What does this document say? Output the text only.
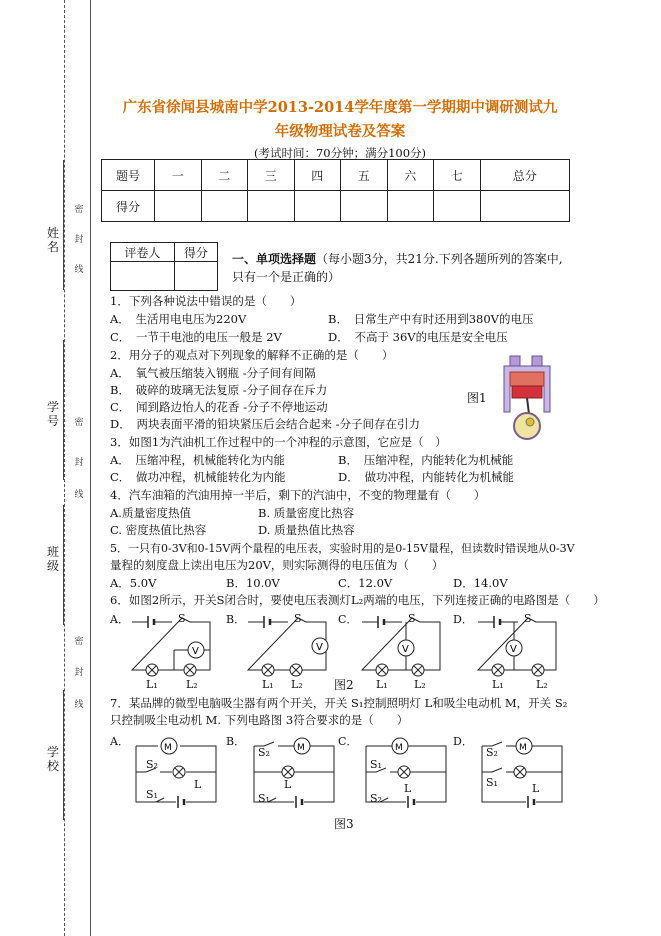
姓名
学号
班级
学校
密
封
线
密
封
线
密
封
线
广东省徐闻县城南中学2013-2014学年度第一学期期中调研测试九
年级物理试卷及答案
(考试时间：70分钟；满分100分)
题号	一	二	三	四	五	六	七	总分
得分								
评卷人	得分
	一、单项选择题（每小题3分，共21分.下列各题所列的答案中,
只有一个是正确的）
1．下列各种说法中错误的是（　　）
A．　生活用电电压为220V	B．　日常生产中有时还用到380V的电压
C．　一节干电池的电压一般是 2V	D．　不高于 36V的电压是安全电压
2．用分子的观点对下列现象的解释不正确的是（　　）
A．　氧气被压缩装入钢瓶 -分子间有间隔
B．　破碎的玻璃无法复原 -分子间存在斥力
C．　闻到路边怡人的花香 -分子不停地运动
D．　两块表面平滑的铅块紧压后会结合起来 -分子间存在引力
图1
3．如图1为汽油机工作过程中的一个冲程的示意图，它应是（　）
A．　压缩冲程，机械能转化为内能	B．　压缩冲程，内能转化为机械能
C．　做功冲程，机械能转化为内能	D．　做功冲程，内能转化为机械能
4．汽车油箱的汽油用掉一半后，剩下的汽油中，不变的物理量有（　　）
A.质量密度热值	B. 质量密度比热容
C. 密度热值比热容	D. 质量热值比热容
5．一只有0-3V和0-15V两个量程的电压表，实验时用的是0-15V量程，但读数时错误地从0-3V
量程的刻度盘上读出电压为20V，则实际测得的电压值为（　　）
A．5.0V	B．10.0V	C．12.0V	D．14.0V
6．如图2所示，开关S闭合时，要使电压表测灯L₂两端的电压，下列连接正确的电路图是（　　）
A．	B．	C．	D．
V	V	V	V
S	S	S	S
L₁	L₂	L₁ L₂	L₁ L₂	L₁	L₂
图2
7．某品牌的微型电脑吸尘器有两个开关，开关 S₁控制照明灯 L和吸尘电动机 M，开关 S₂
只控制吸尘电动机 M. 下列电路图 3符合要求的是（　　）
A．	B．	C．	D．
M	M	M	M
S₂
L
S₁
S₂
L
S₁
S₁
L
S₂
S₂
S₁	L
图3
